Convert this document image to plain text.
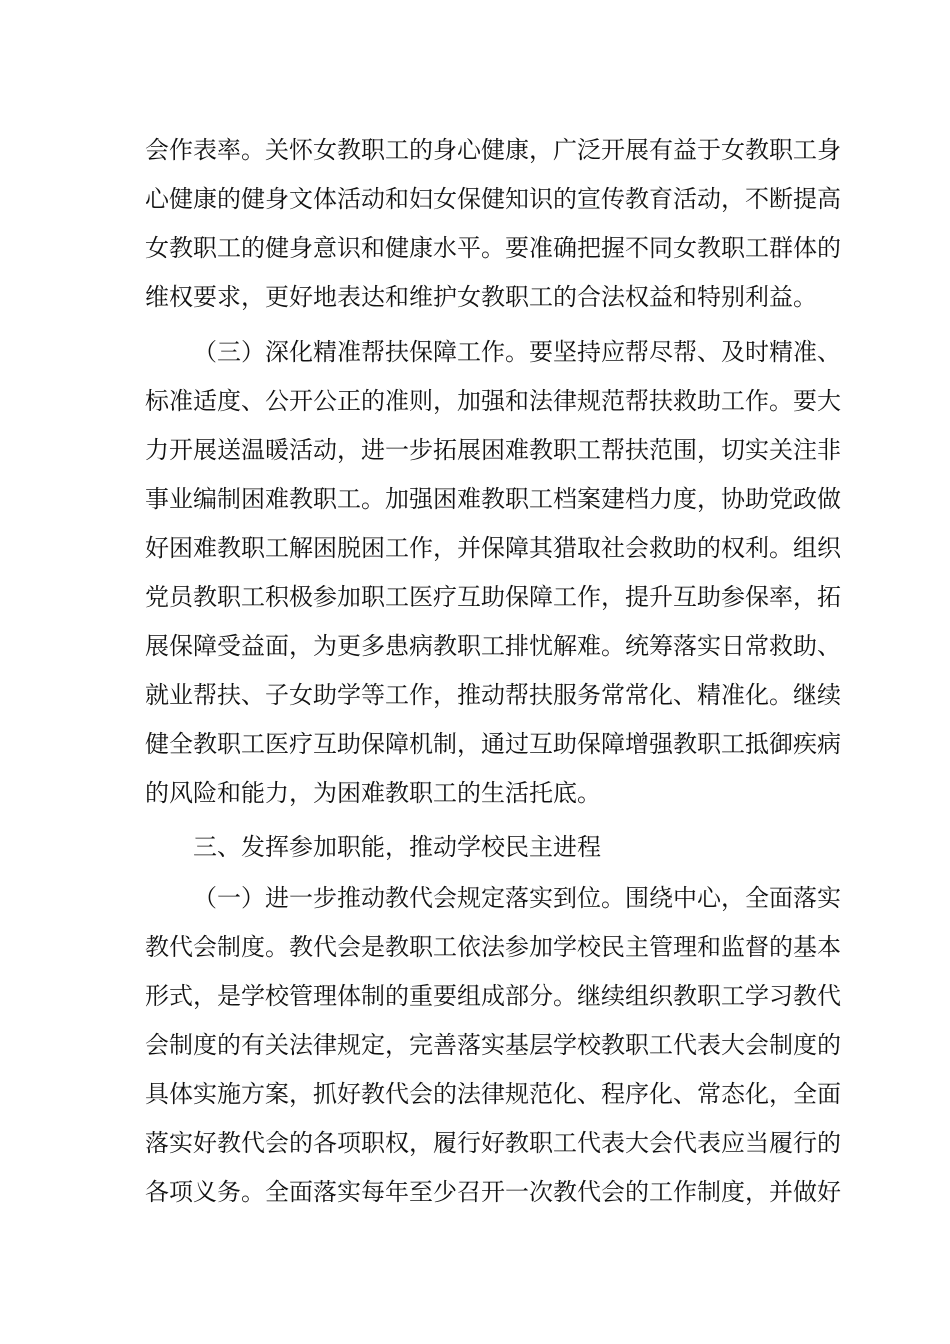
会作表率。关怀女教职工的身心健康，广泛开展有益于女教职工身
心健康的健身文体活动和妇女保健知识的宣传教育活动，不断提高
女教职工的健身意识和健康水平。要准确把握不同女教职工群体的
维权要求，更好地表达和维护女教职工的合法权益和特别利益。
（三）深化精准帮扶保障工作。要坚持应帮尽帮、及时精准、
标准适度、公开公正的准则，加强和法律规范帮扶救助工作。要大
力开展送温暖活动，进一步拓展困难教职工帮扶范围，切实关注非
事业编制困难教职工。加强困难教职工档案建档力度，协助党政做
好困难教职工解困脱困工作，并保障其猎取社会救助的权利。组织
党员教职工积极参加职工医疗互助保障工作，提升互助参保率，拓
展保障受益面，为更多患病教职工排忧解难。统筹落实日常救助、
就业帮扶、子女助学等工作，推动帮扶服务常常化、精准化。继续
健全教职工医疗互助保障机制，通过互助保障增强教职工抵御疾病
的风险和能力，为困难教职工的生活托底。
三、发挥参加职能，推动学校民主进程
（一）进一步推动教代会规定落实到位。围绕中心，全面落实
教代会制度。教代会是教职工依法参加学校民主管理和监督的基本
形式，是学校管理体制的重要组成部分。继续组织教职工学习教代
会制度的有关法律规定，完善落实基层学校教职工代表大会制度的
具体实施方案，抓好教代会的法律规范化、程序化、常态化，全面
落实好教代会的各项职权，履行好教职工代表大会代表应当履行的
各项义务。全面落实每年至少召开一次教代会的工作制度，并做好
